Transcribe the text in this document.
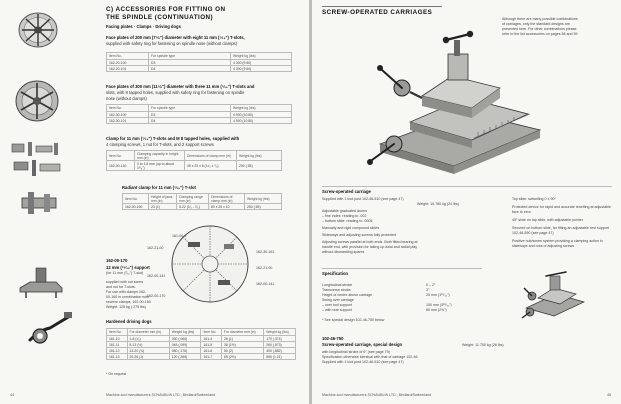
C) ACCESSORIES FOR FITTING ON
THE SPINDLE (CONTINUATION)
Facing plates · Clamps · Driving dogs
Face plates of 200 mm (7⁷⁄₈") diameter with eight 11 mm (⁷⁄₁₆") T-slots,
supplied with safety ring for fastening on spindle nose (without clamps)
Item No.	For spindle type	Weight kg (lbs)
162-20-100	D3	4.300 (9.50)
162-20-101	D4	4.300 (9.50)
Face plates of 300 mm (11⁷⁄₈") diameter with three 11 mm (⁷⁄₁₆") T-slots and
slots, with 8 tapped holes, supplied with safety ring for fastening on spindle
nose (without clamps)
Item No.	For spindle type	Weight kg (lbs)
162-30-100	D3	4.900 (10.80)
162-30-101	D4	4.900 (10.80)
Clamp for 11 mm (⁷⁄₁₆") T-slots and M 8 tapped holes, supplied with
4 clamping screws, 1 nut for T-slots, and 2 support screws
Item No.	Clamping capacity in height mm (in)	Dimensions of clamp mm (in)	Weight kg (lbs)
162-00-140	0 to 1.8 mm (up to about 1⁵⁄₈")	45 x 20 x 6 (1³⁄₄ x ⁷⁄₈)	250 (.55)
Radiant clamp for 11 mm (⁷⁄₁₆") T-slot
Item No.	Height of jaws mm (in)	Clamping range mm (in)	Dimensions of clamp mm (in)	Weight kg (lbs)
162-00-160	23 (1)	5-22 (1⁄₄ - 7⁄₈)	80 x 25 x 10	250 (.55)
161-00-9
162-21-00
162-30-161
162-21-00
162-00-141
162-00-141
162-00-170
162-00-170
12 mm (¹⁵⁄₃₂") support
(for 11 mm (⁷⁄₁₆") T-slot)
supplied with nut screw
and nut for T-slots.
For use with clamps 162-
00-160 in combination with
reserve clamps, 162-00-160
Weight: 125 kg (.275 lbs)
Hardened driving dogs
Item No.	For diameter mm (in)	Weight kg (lbs)	Item No.	For diameter mm (in)	Weight kg (lbs)
161-10	1-8 (³⁄₈)	030 (.066)	161-4	26 (1)	170 (.374)
161-11	8-13 (½)	045 (.099)	161-5	38 (1½)	260 (.573)
161-12	13-20 (¾)	080 (.176)	161-6	50 (2)	400 (.882)
161-13	20-26 (1)	120 (.265)	161-7	65 (2½)	550 (1.21)
* On request
44	Machine-tool manufacturers SCHAUBLIN LTD., Bévilard/Switzerland
SCREW-OPERATED CARRIAGES
Although there are many possible combinations
of carriages, only the standard designs are
presented here. For other combinations please
refer to the list accessories on pages 58 and 59
Screw-operated carriage
Supplied with 1 tool post 102-46-510 (see page 47)
Weight: 10.780 kg (24 lbs)
Adjustable graduated drums
– fine index: reading to .002
– bottom slide: reading to .0005
Manually and rigid compound slides
Slideways and adjusting screws fully protected
Adjusting screws parallel at both ends. Both fitted bearing at
handle end, with provision for taking up axial and radial play
without dismantling spares
Top slide: swivelling 0 ± 90°
Protected device for rapid and accurate resetting at adjustable
face to zero
45° slide on top slide, with adjustable pointer
Secured on bottom slide, for fitting an adjustable rest support
102-46-590 (see page 47)
Positive hub/screw system providing a clamping action in
slideways and runs of adjusting screws
Specification
Longitudinal stroke	0 – 2"
Transverse stroke	3"
Height of centre above carriage	25 mm (1¹⁵⁄₁₆")
Swing over carriage
– over tool support	100 mm (3¹⁵⁄₁₆")
– with rear support	60 mm (2⅜")
* See special design 102-46-750 below
102-46-750
Screw-operated carriage, special design	Weight: 11.750 kg (26 lbs)
with longitudinal stroke of 6" (see page 79)
Specification otherwise identical with that of carriage 102-46
Supplied with 1 tool post 102-46-510 (see page 47)
Machine-tool manufacturers SCHAUBLIN LTD., Bévilard/Switzerland	45
